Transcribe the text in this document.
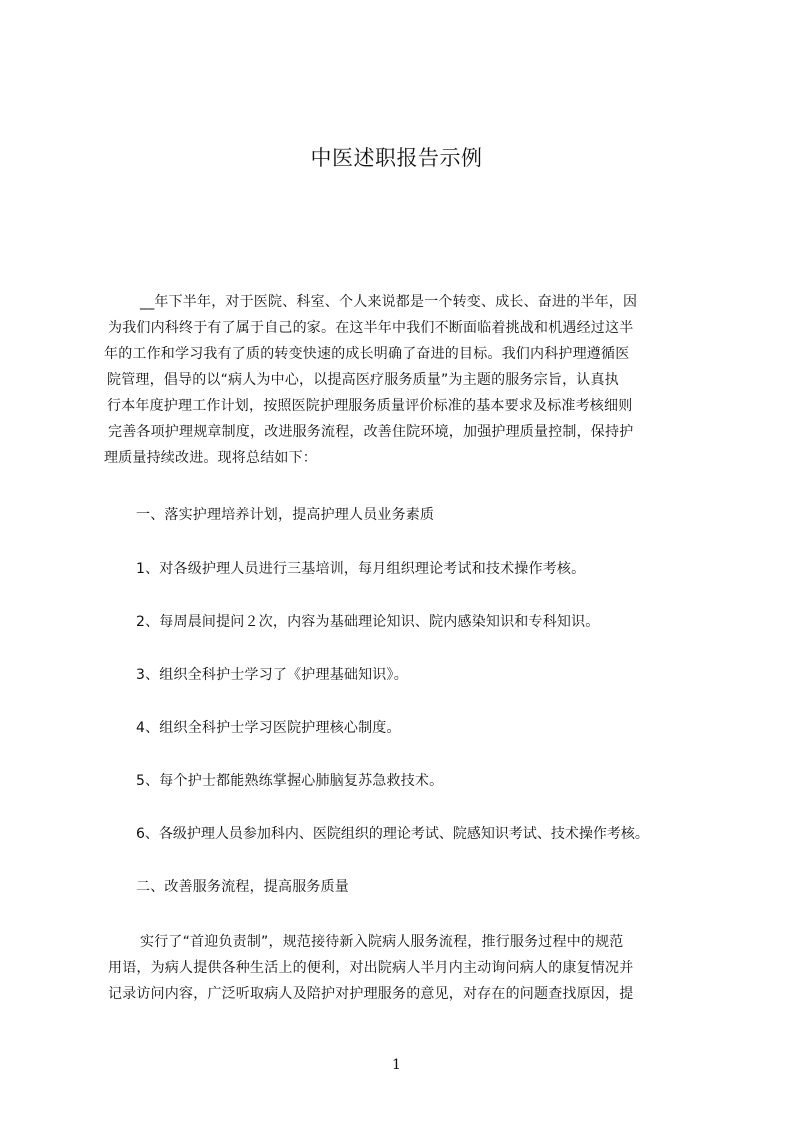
中医述职报告示例
__年下半年，对于医院、科室、个人来说都是一个转变、成长、奋进的半年，因
为我们内科终于有了属于自己的家。在这半年中我们不断面临着挑战和机遇经过这半
年的工作和学习我有了质的转变快速的成长明确了奋进的目标。我们内科护理遵循医
院管理，倡导的以“病人为中心，以提高医疗服务质量”为主题的服务宗旨，认真执
行本年度护理工作计划，按照医院护理服务质量评价标准的基本要求及标准考核细则
完善各项护理规章制度，改进服务流程，改善住院环境，加强护理质量控制，保持护
理质量持续改进。现将总结如下：
一、落实护理培养计划，提高护理人员业务素质
1、对各级护理人员进行三基培训，每月组织理论考试和技术操作考核。
2、每周晨间提问２次，内容为基础理论知识、院内感染知识和专科知识。
3、组织全科护士学习了《护理基础知识》。
4、组织全科护士学习医院护理核心制度。
5、每个护士都能熟练掌握心肺脑复苏急救技术。
6、各级护理人员参加科内、医院组织的理论考试、院感知识考试、技术操作考核。
二、改善服务流程，提高服务质量
实行了“首迎负责制”，规范接待新入院病人服务流程，推行服务过程中的规范
用语，为病人提供各种生活上的便利，对出院病人半月内主动询问病人的康复情况并
记录访问内容，广泛听取病人及陪护对护理服务的意见，对存在的问题查找原因，提
1
